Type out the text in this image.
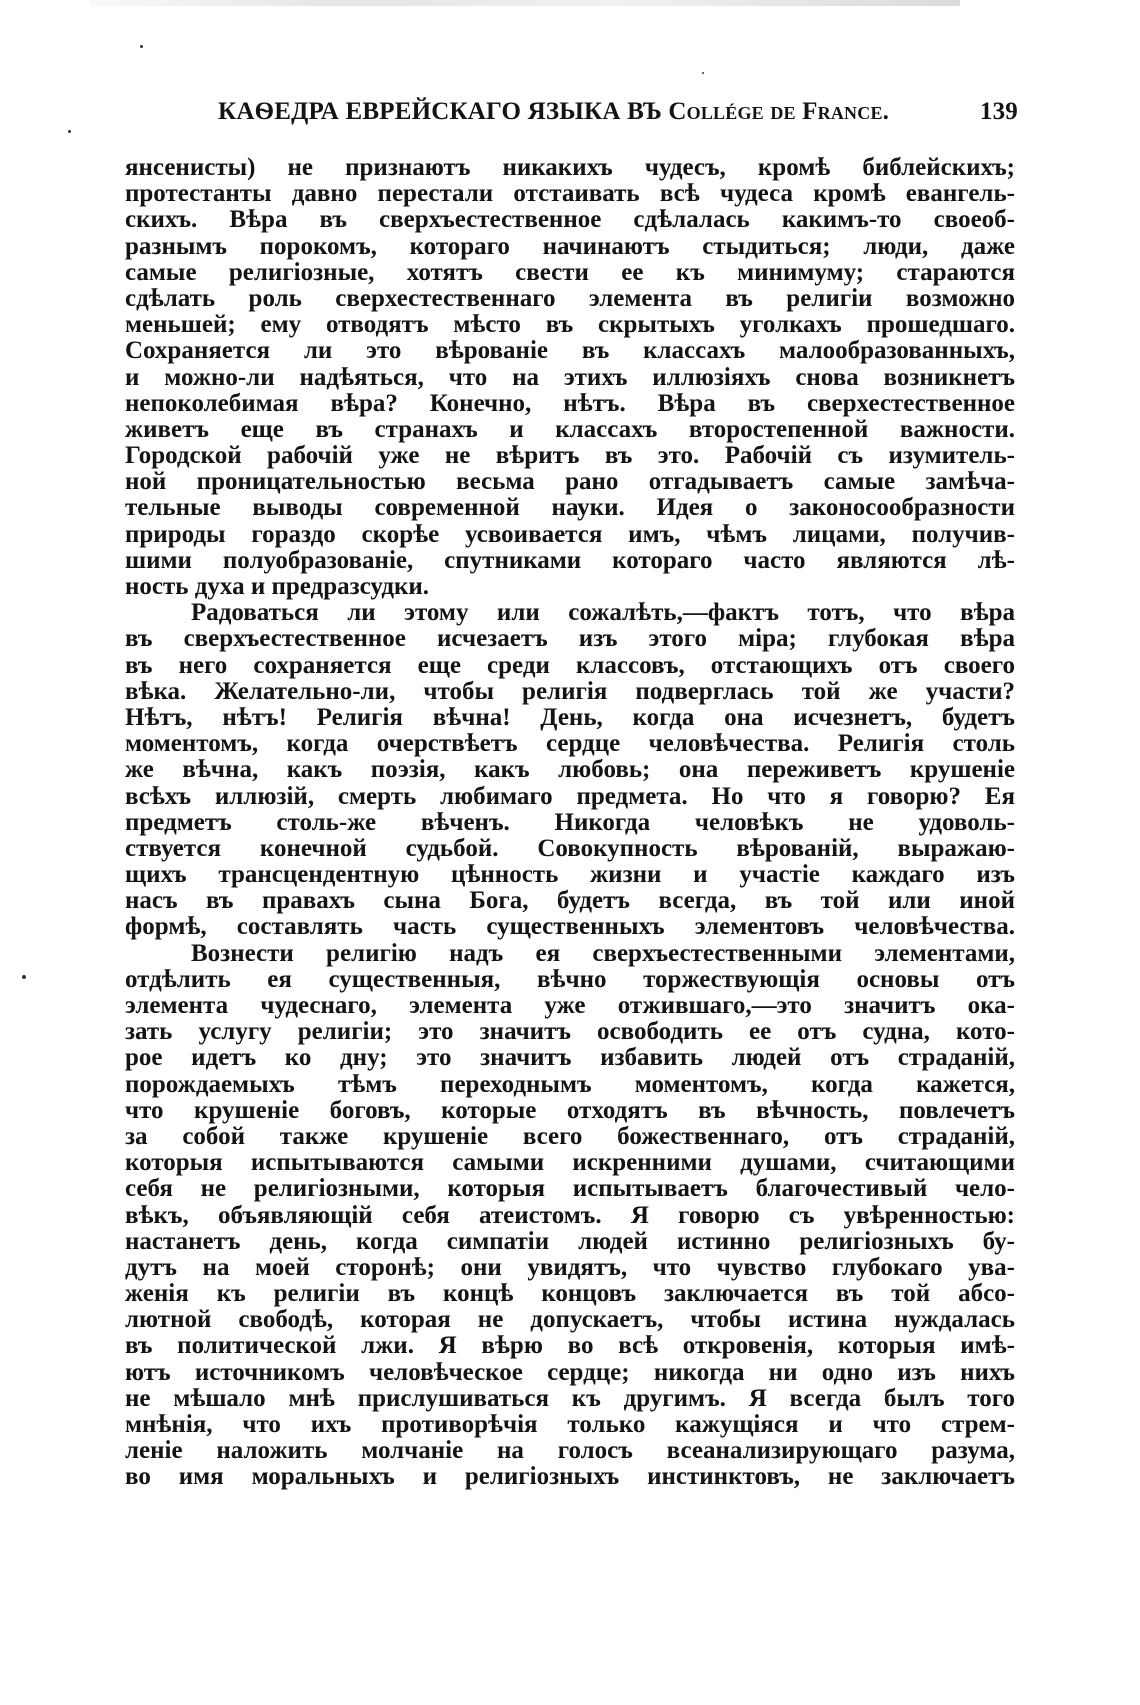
КАѲЕДРА ЕВРЕЙСКАГО ЯЗЫКА ВЪ Collége de France.	139
янсенисты) не признаютъ никакихъ чудесъ, кромѣ библейскихъ;
протестанты давно перестали отстаивать всѣ чудеса кромѣ евангель-
скихъ. Вѣра въ сверхъестественное сдѣлалась какимъ-то своеоб-
разнымъ порокомъ, котораго начинаютъ стыдиться; люди, даже
самые религіозные, хотятъ свести ее къ минимуму; стараются
сдѣлать роль сверхестественнаго элемента въ религіи возможно
меньшей; ему отводятъ мѣсто въ скрытыхъ уголкахъ прошедшаго.
Сохраняется ли это вѣрованіе въ классахъ малообразованныхъ,
и можно-ли надѣяться, что на этихъ иллюзіяхъ снова возникнетъ
непоколебимая вѣра? Конечно, нѣтъ. Вѣра въ сверхестественное
живетъ еще въ странахъ и классахъ второстепенной важности.
Городской рабочій уже не вѣритъ въ это. Рабочій съ изумитель-
ной проницательностью весьма рано отгадываетъ самые замѣча-
тельные выводы современной науки. Идея о законосообразности
природы гораздо скорѣе усвоивается имъ, чѣмъ лицами, получив-
шими полуобразованіе, спутниками котораго часто являются лѣ-
ность духа и предразсудки.
Радоваться ли этому или сожалѣть,—фактъ тотъ, что вѣра
въ сверхъестественное исчезаетъ изъ этого міра; глубокая вѣра
въ него сохраняется еще среди классовъ, отстающихъ отъ своего
вѣка. Желательно-ли, чтобы религія подверглась той же участи?
Нѣтъ, нѣтъ! Религія вѣчна! День, когда она исчезнетъ, будетъ
моментомъ, когда очерствѣетъ сердце человѣчества. Религія столь
же вѣчна, какъ поэзія, какъ любовь; она переживетъ крушеніе
всѣхъ иллюзій, смерть любимаго предмета. Но что я говорю? Ея
предметъ столь-же вѣченъ. Никогда человѣкъ не удоволь-
ствуется конечной судьбой. Совокупность вѣрованій, выражаю-
щихъ трансцендентную цѣнность жизни и участіе каждаго изъ
насъ въ правахъ сына Бога, будетъ всегда, въ той или иной
формѣ, составлять часть существенныхъ элементовъ человѣчества.
Вознести религію надъ ея сверхъестественными элементами,
отдѣлить ея существенныя, вѣчно торжествующія основы отъ
элемента чудеснаго, элемента уже отжившаго,—это значитъ ока-
зать услугу религіи; это значитъ освободить ее отъ судна, кото-
рое идетъ ко дну; это значитъ избавить людей отъ страданій,
порождаемыхъ тѣмъ переходнымъ моментомъ, когда кажется,
что крушеніе боговъ, которые отходятъ въ вѣчность, повлечетъ
за собой также крушеніе всего божественнаго, отъ страданій,
которыя испытываются самыми искренними душами, считающими
себя не религіозными, которыя испытываетъ благочестивый чело-
вѣкъ, объявляющій себя атеистомъ. Я говорю съ увѣренностью:
настанетъ день, когда симпатіи людей истинно религіозныхъ бу-
дутъ на моей сторонѣ; они увидятъ, что чувство глубокаго ува-
женія къ религіи въ концѣ концовъ заключается въ той абсо-
лютной свободѣ, которая не допускаетъ, чтобы истина нуждалась
въ политической лжи. Я вѣрю во всѣ откровенія, которыя имѣ-
ютъ источникомъ человѣческое сердце; никогда ни одно изъ нихъ
не мѣшало мнѣ прислушиваться къ другимъ. Я всегда былъ того
мнѣнія, что ихъ противорѣчія только кажущіяся и что стрем-
леніе наложить молчаніе на голосъ всеанализирующаго разума,
во имя моральныхъ и религіозныхъ инстинктовъ, не заключаетъ
